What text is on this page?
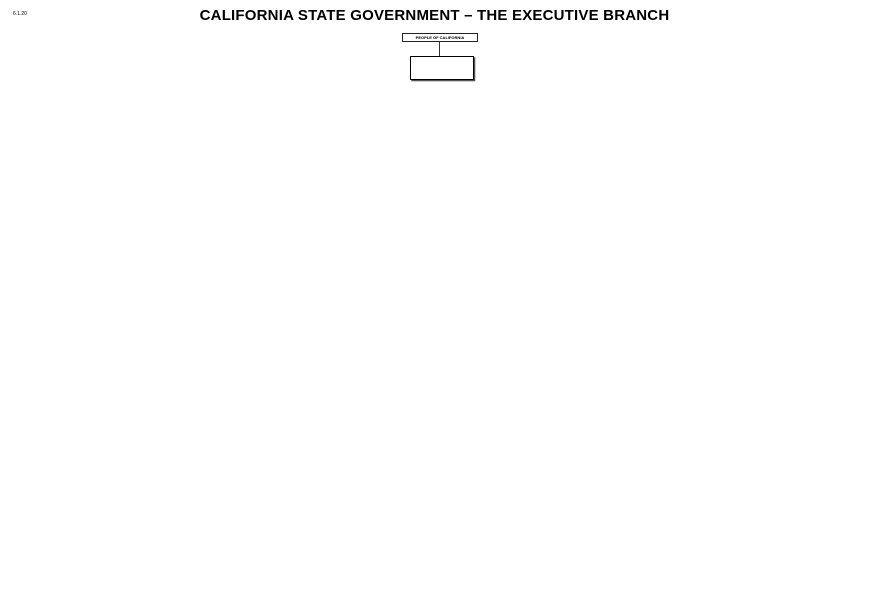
6.1.20	CALIFORNIA STATE GOVERNMENT – THE EXECUTIVE BRANCH
PEOPLE OF CALIFORNIA
